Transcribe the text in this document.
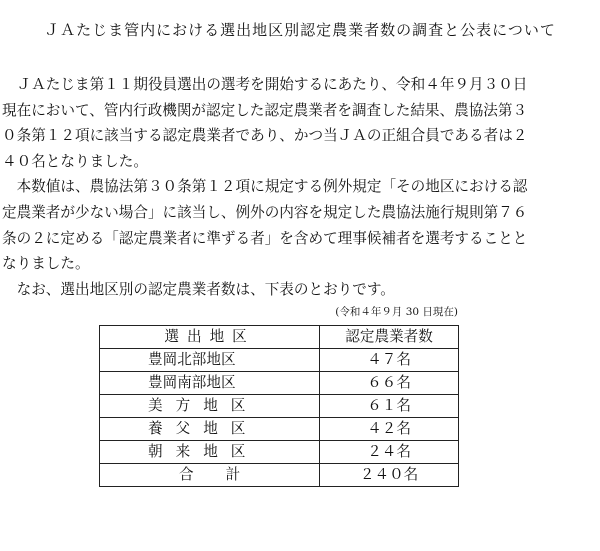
ＪＡたじま管内における選出地区別認定農業者数の調査と公表について
　ＪＡたじま第１１期役員選出の選考を開始するにあたり、令和４年９月３０日
現在において、管内行政機関が認定した認定農業者を調査した結果、農協法第３
０条第１２項に該当する認定農業者であり、かつ当ＪＡの正組合員である者は２
４０名となりました。
　本数値は、農協法第３０条第１２項に規定する例外規定「その地区における認
定農業者が少ない場合」に該当し、例外の内容を規定した農協法施行規則第７６
条の２に定める「認定農業者に準ずる者」を含めて理事候補者を選考することと
なりました。
　なお、選出地区別の認定農業者数は、下表のとおりです。
(令和４年９月 30 日現在)
選出地区	認定農業者数
豊岡北部地区	４７名
豊岡南部地区	６６名
美方地区	６１名
養父地区	４２名
朝来地区	２４名
合計	２４０名
